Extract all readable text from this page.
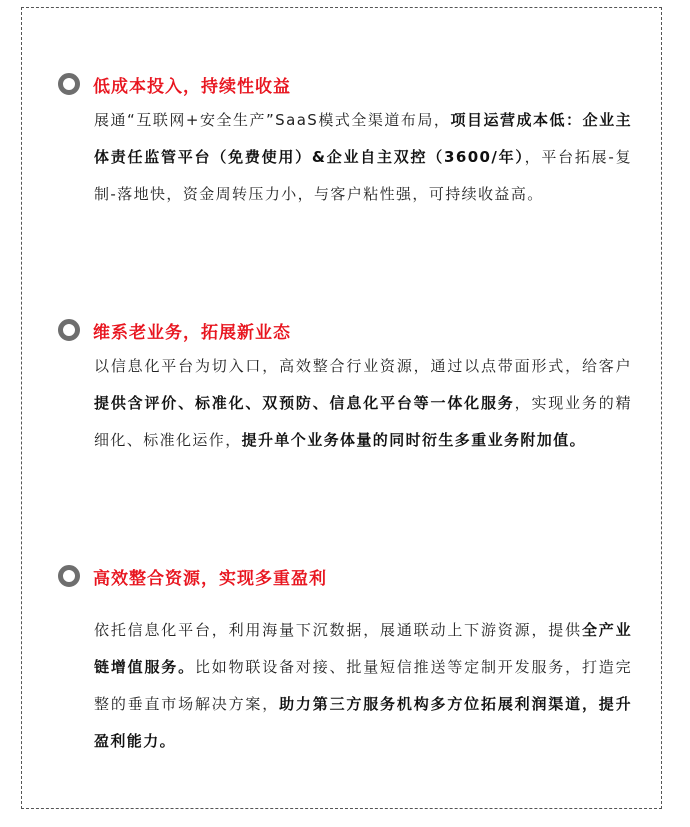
低成本投入，持续性收益
展通“互联网+安全生产”SaaS模式全渠道布局，项目运营成本低：企业主体责任监管平台（免费使用）&企业自主双控（3600/年），平台拓展-复制-落地快，资金周转压力小，与客户粘性强，可持续收益高。
维系老业务，拓展新业态
以信息化平台为切入口，高效整合行业资源，通过以点带面形式，给客户提供含评价、标准化、双预防、信息化平台等一体化服务，实现业务的精细化、标准化运作，提升单个业务体量的同时衍生多重业务附加值。
高效整合资源，实现多重盈利
依托信息化平台，利用海量下沉数据，展通联动上下游资源，提供全产业链增值服务。比如物联设备对接、批量短信推送等定制开发服务，打造完整的垂直市场解决方案，助力第三方服务机构多方位拓展利润渠道，提升盈利能力。
